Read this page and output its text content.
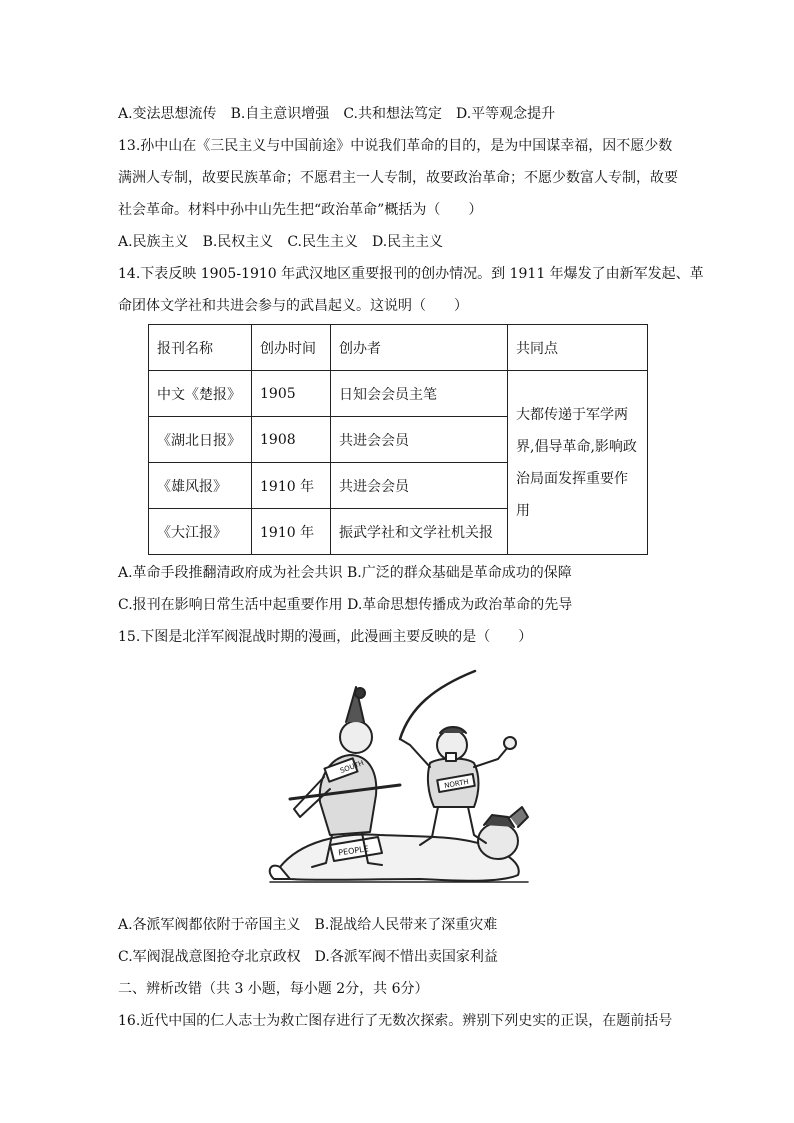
A.变法思想流传 B.自主意识增强 C.共和想法笃定 D.平等观念提升
13.孙中山在《三民主义与中国前途》中说我们革命的目的，是为中国谋幸福，因不愿少数
满洲人专制，故要民族革命；不愿君主一人专制，故要政治革命；不愿少数富人专制，故要
社会革命。材料中孙中山先生把“政治革命”概括为（　　）
A.民族主义 B.民权主义 C.民生主义 D.民主主义
14.下表反映 1905-1910 年武汉地区重要报刊的创办情况。到 1911 年爆发了由新军发起、革
命团体文学社和共进会参与的武昌起义。这说明（　　）
报刊名称	创办时间	创办者	共同点
中文《楚报》	1905	日知会会员主笔	大都传递于军学两界,倡导革命,影响政治局面发挥重要作用
《湖北日报》	1908	共进会会员	
《雄风报》	1910 年	共进会会员	
《大江报》	1910 年	振武学社和文学社机关报	
A.革命手段推翻清政府成为社会共识 B.广泛的群众基础是革命成功的保障
C.报刊在影响日常生活中起重要作用 D.革命思想传播成为政治革命的先导
15.下图是北洋军阀混战时期的漫画，此漫画主要反映的是（　　）
SOUTH
NORTH
PEOPLE
A.各派军阀都依附于帝国主义　B.混战给人民带来了深重灾难
C.军阀混战意图抢夺北京政权　D.各派军阀不惜出卖国家利益
二、辨析改错（共 3 小题，每小题 2分，共 6分）
16.近代中国的仁人志士为救亡图存进行了无数次探索。辨别下列史实的正误，在题前括号
